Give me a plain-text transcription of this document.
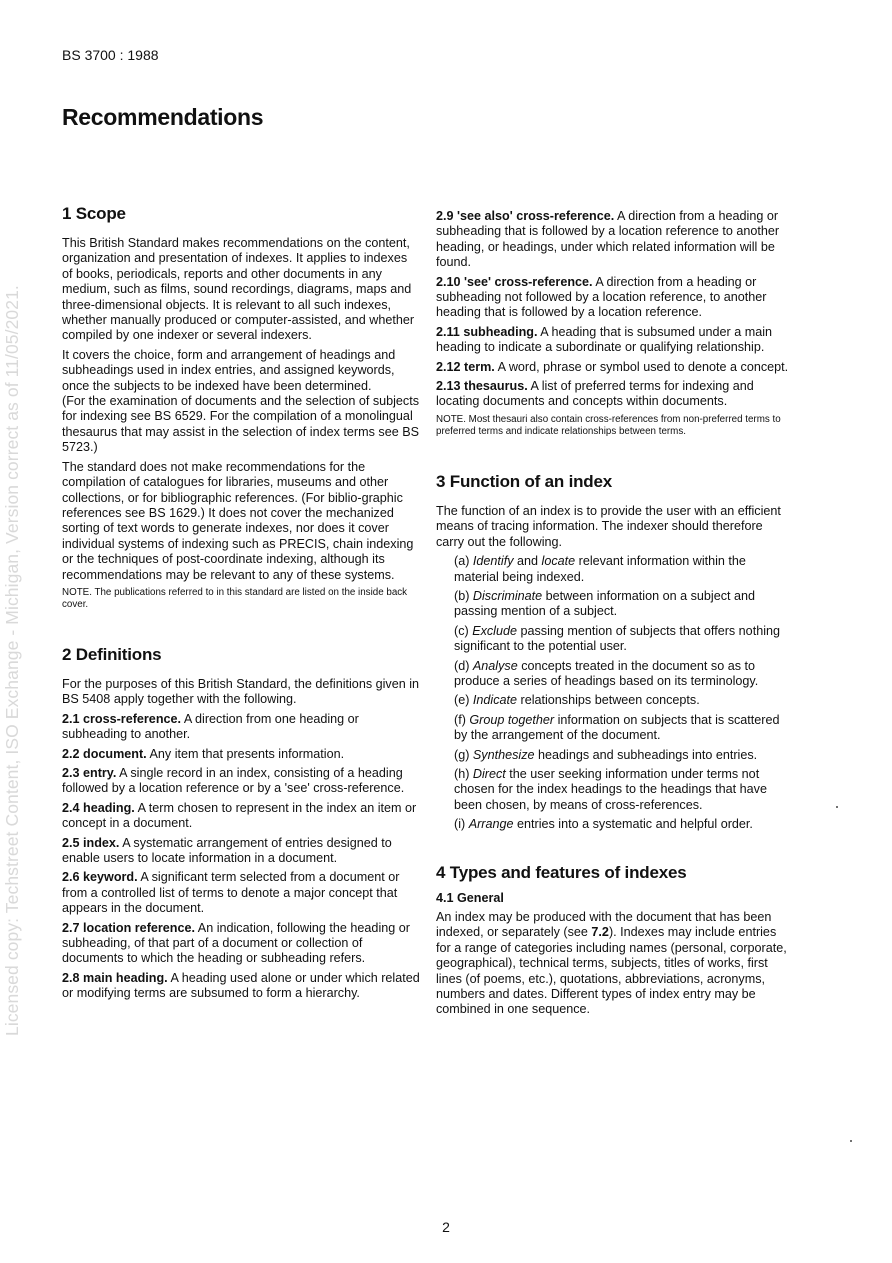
Licensed copy: Techstreet Content, ISO Exchange - Michigan, Version correct as of 11/05/2021.
BS 3700 : 1988
Recommendations
1 Scope

This British Standard makes recommendations on the content, organization and presentation of indexes. It applies to indexes of books, periodicals, reports and other documents in any medium, such as films, sound recordings, diagrams, maps and three-dimensional objects. It is relevant to all such indexes, whether manually produced or computer-assisted, and whether compiled by one indexer or several indexers.

It covers the choice, form and arrangement of headings and subheadings used in index entries, and assigned keywords, once the subjects to be indexed have been determined.

(For the examination of documents and the selection of subjects for indexing see BS 6529. For the compilation of a monolingual thesaurus that may assist in the selection of index terms see BS 5723.)

The standard does not make recommendations for the compilation of catalogues for libraries, museums and other collections, or for bibliographic references. (For biblio-graphic references see BS 1629.) It does not cover the mechanized sorting of text words to generate indexes, nor does it cover individual systems of indexing such as PRECIS, chain indexing or the techniques of post-coordinate indexing, although its recommendations may be relevant to any of these systems.

NOTE. The publications referred to in this standard are listed on the inside back cover.

2 Definitions

For the purposes of this British Standard, the definitions given in BS 5408 apply together with the following.

2.1 cross-reference. A direction from one heading or subheading to another.

2.2 document. Any item that presents information.

2.3 entry. A single record in an index, consisting of a heading followed by a location reference or by a 'see' cross-reference.

2.4 heading. A term chosen to represent in the index an item or concept in a document.

2.5 index. A systematic arrangement of entries designed to enable users to locate information in a document.

2.6 keyword. A significant term selected from a document or from a controlled list of terms to denote a major concept that appears in the document.

2.7 location reference. An indication, following the heading or subheading, of that part of a document or collection of documents to which the heading or subheading refers.

2.8 main heading. A heading used alone or under which related or modifying terms are subsumed to form a hierarchy.

2.9 'see also' cross-reference. A direction from a heading or subheading that is followed by a location reference to another heading, or headings, under which related information will be found.

2.10 'see' cross-reference. A direction from a heading or subheading not followed by a location reference, to another heading that is followed by a location reference.

2.11 subheading. A heading that is subsumed under a main heading to indicate a subordinate or qualifying relationship.

2.12 term. A word, phrase or symbol used to denote a concept.

2.13 thesaurus. A list of preferred terms for indexing and locating documents and concepts within documents.

NOTE. Most thesauri also contain cross-references from non-preferred terms to preferred terms and indicate relationships between terms.

3 Function of an index

The function of an index is to provide the user with an efficient means of tracing information. The indexer should therefore carry out the following.

(a) Identify and locate relevant information within the material being indexed.

(b) Discriminate between information on a subject and passing mention of a subject.

(c) Exclude passing mention of subjects that offers nothing significant to the potential user.

(d) Analyse concepts treated in the document so as to produce a series of headings based on its terminology.

(e) Indicate relationships between concepts.

(f) Group together information on subjects that is scattered by the arrangement of the document.

(g) Synthesize headings and subheadings into entries.

(h) Direct the user seeking information under terms not chosen for the index headings to the headings that have been chosen, by means of cross-references.

(i) Arrange entries into a systematic and helpful order.

4 Types and features of indexes

4.1 General

An index may be produced with the document that has been indexed, or separately (see 7.2). Indexes may include entries for a range of categories including names (personal, corporate, geographical), technical terms, subjects, titles of works, first lines (of poems, etc.), quotations, abbreviations, acronyms, numbers and dates. Different types of index entry may be combined in one sequence.

2
